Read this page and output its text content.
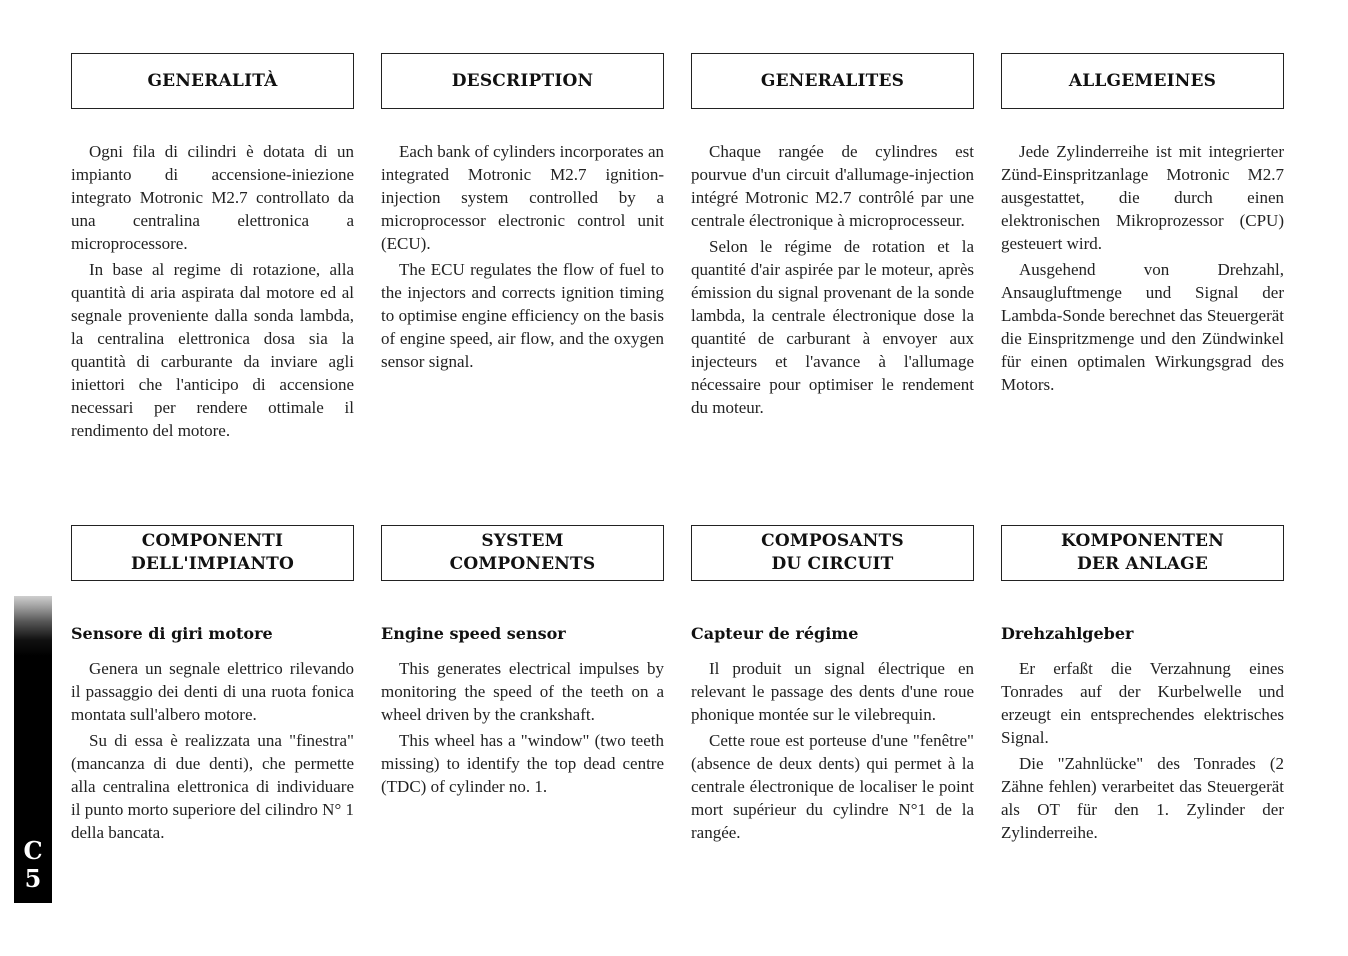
GENERALITÀ

Ogni fila di cilindri è dotata di un impianto di accensione-iniezione integrato Motronic M2.7 controllato da una centralina elettronica a microprocessore.

In base al regime di rotazione, alla quantità di aria aspirata dal motore ed al segnale proveniente dalla sonda lambda, la centralina elettronica dosa sia la quantità di carburante da inviare agli iniettori che l'anticipo di accensione necessari per rendere ottimale il rendimento del motore.

COMPONENTI
DELL'IMPIANTO
Sensore di giri motore

Genera un segnale elettrico rilevando il passaggio dei denti di una ruota fonica montata sull'albero motore.

Su di essa è realizzata una "finestra" (mancanza di due denti), che permette alla centralina elettronica di individuare il punto morto superiore del cilindro N° 1 della bancata.

DESCRIPTION

Each bank of cylinders incorporates an integrated Motronic M2.7 ignition-injection system controlled by a microprocessor electronic control unit (ECU).

The ECU regulates the flow of fuel to the injectors and corrects ignition timing to optimise engine efficiency on the basis of engine speed, air flow, and the oxygen sensor signal.

SYSTEM
COMPONENTS
Engine speed sensor

This generates electrical impulses by monitoring the speed of the teeth on a wheel driven by the crankshaft.

This wheel has a "window" (two teeth missing) to identify the top dead centre (TDC) of cylinder no. 1.

GENERALITES

Chaque rangée de cylindres est pourvue d'un circuit d'allumage-injection intégré Motronic M2.7 contrôlé par une centrale électronique à microprocesseur.

Selon le régime de rotation et la quantité d'air aspirée par le moteur, après émission du signal provenant de la sonde lambda, la centrale électronique dose la quantité de carburant à envoyer aux injecteurs et l'avance à l'allumage nécessaire pour optimiser le rendement du moteur.

COMPOSANTS
DU CIRCUIT
Capteur de régime

Il produit un signal électrique en relevant le passage des dents d'une roue phonique montée sur le vilebrequin.

Cette roue est porteuse d'une "fenêtre" (absence de deux dents) qui permet à la centrale électronique de localiser le point mort supérieur du cylindre N°1 de la rangée.

ALLGEMEINES

Jede Zylinderreihe ist mit integrierter Zünd-Einspritzanlage Motronic M2.7 ausgestattet, die durch einen elektronischen Mikroprozessor (CPU) gesteuert wird.

Ausgehend von Drehzahl, Ansaugluftmenge und Signal der Lambda-Sonde berechnet das Steuergerät die Einspritzmenge und den Zündwinkel für einen optimalen Wirkungsgrad des Motors.

KOMPONENTEN
DER ANLAGE
Drehzahlgeber

Er erfaßt die Verzahnung eines Tonrades auf der Kurbelwelle und erzeugt ein entsprechendes elektrisches Signal.

Die "Zahnlücke" des Tonrades (2 Zähne fehlen) verarbeitet das Steuergerät als OT für den 1. Zylinder der Zylinderreihe.

C
5
